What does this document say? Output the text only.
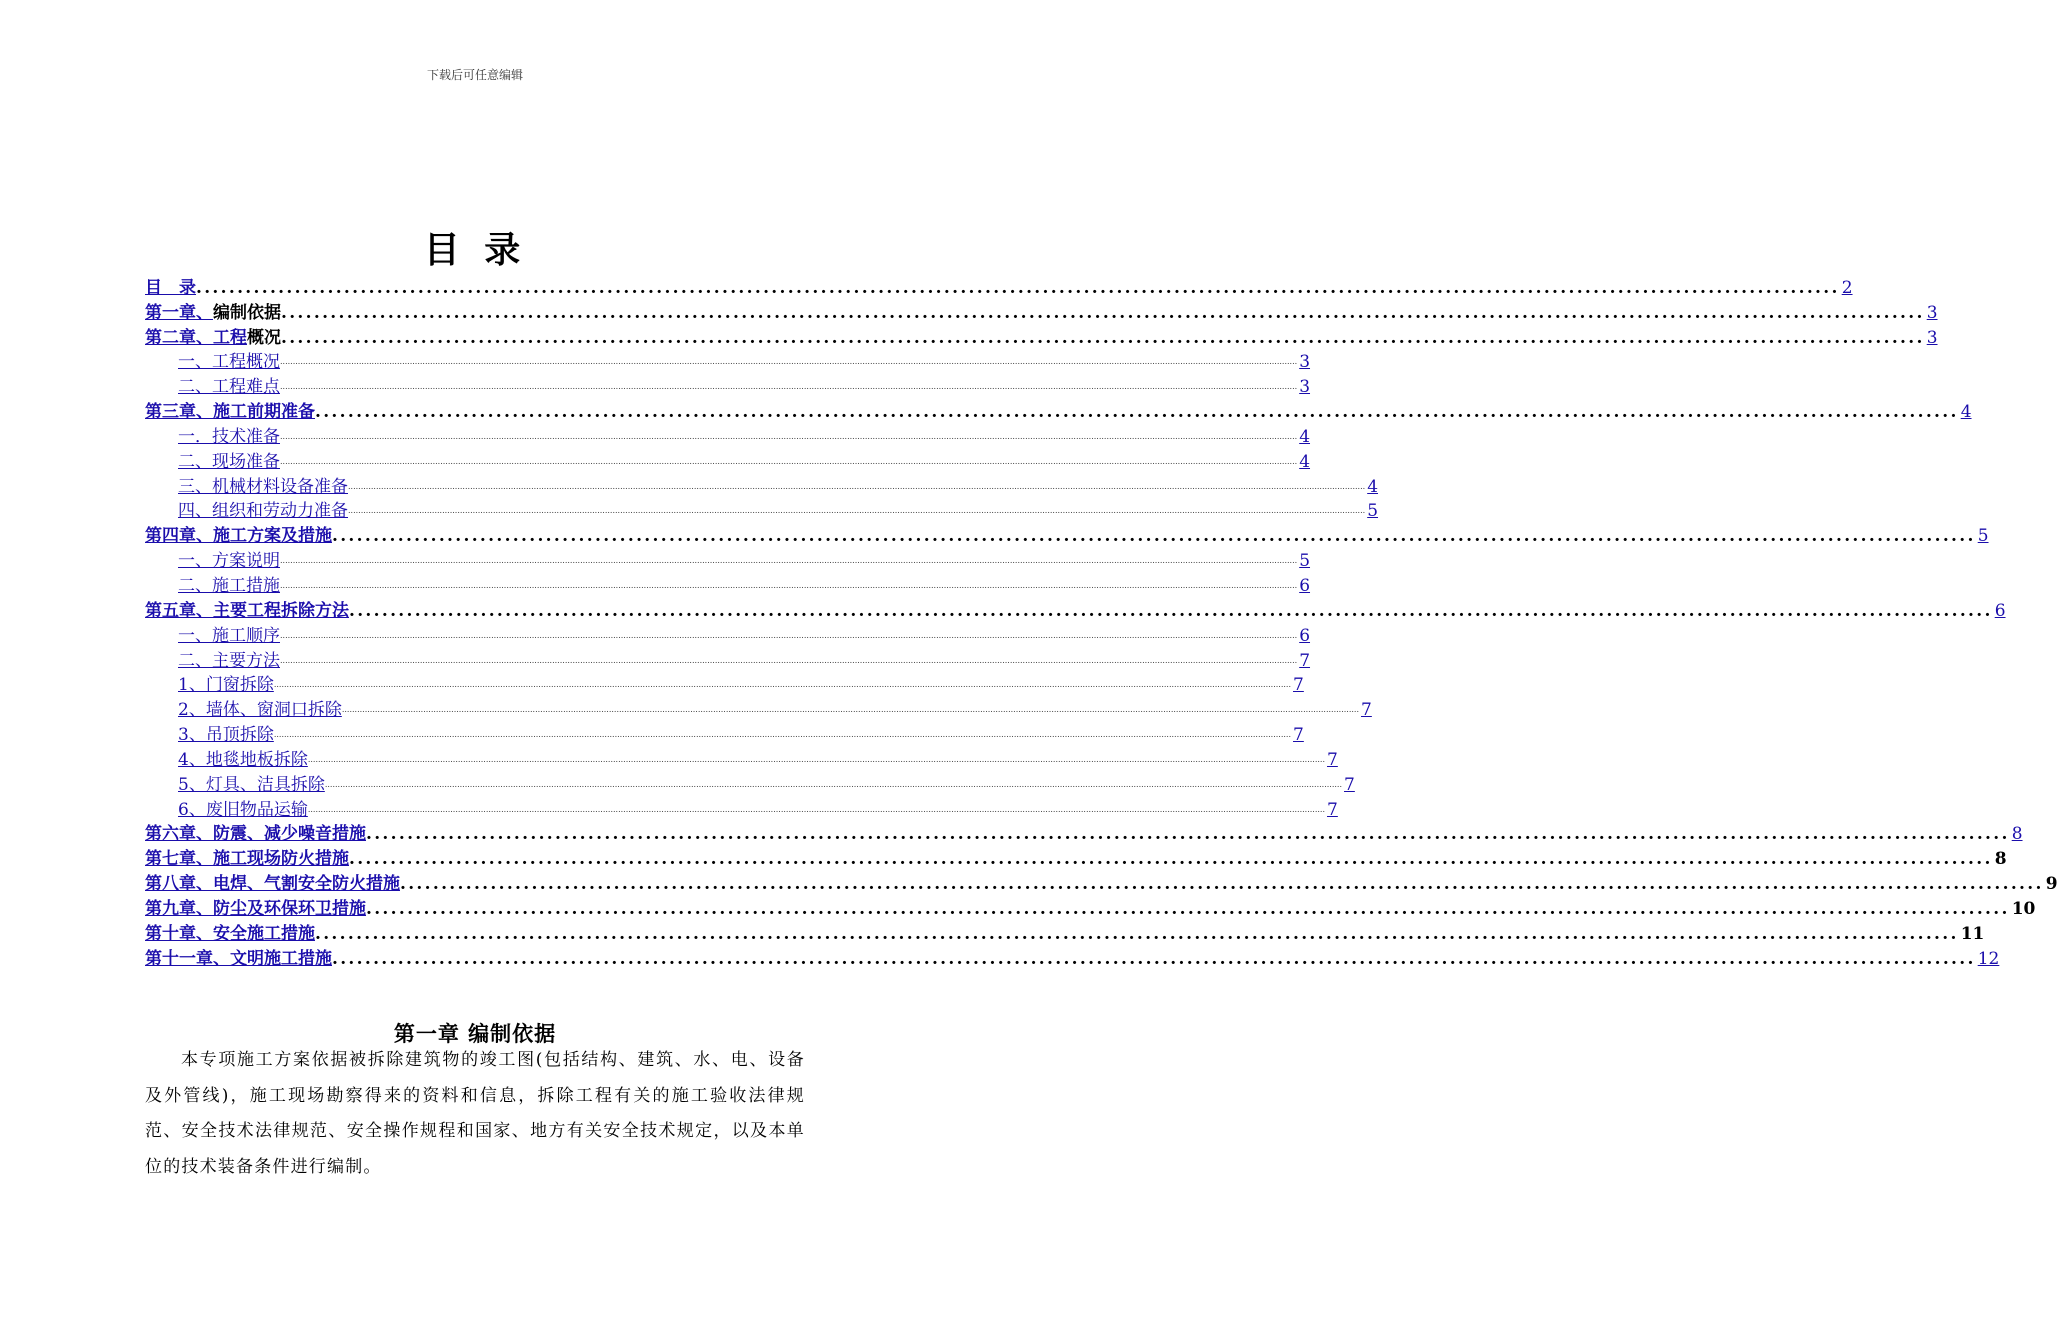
下载后可任意编辑
目 录
目　录 ........................................................................................................................................................................................................ 2
第一章、编制依据 ........................................................................................................................................................................................................ 3
第二章、工程概况 ........................................................................................................................................................................................................ 3
一、工程概况 ................................................................................................................................................................................................................................................................................................................................................................................................................ 3
二、工程难点 ................................................................................................................................................................................................................................................................................................................................................................................................................ 3
第三章、施工前期准备 ........................................................................................................................................................................................................ 4
一．技术准备 ................................................................................................................................................................................................................................................................................................................................................................................................................ 4
二、现场准备 ................................................................................................................................................................................................................................................................................................................................................................................................................ 4
三、机械材料设备准备 ................................................................................................................................................................................................................................................................................................................................................................................................................ 4
四、组织和劳动力准备 ................................................................................................................................................................................................................................................................................................................................................................................................................ 5
第四章、施工方案及措施 ........................................................................................................................................................................................................ 5
一、方案说明 ................................................................................................................................................................................................................................................................................................................................................................................................................ 5
二、施工措施 ................................................................................................................................................................................................................................................................................................................................................................................................................ 6
第五章、主要工程拆除方法 ........................................................................................................................................................................................................ 6
一、施工顺序 ................................................................................................................................................................................................................................................................................................................................................................................................................ 6
二、主要方法 ................................................................................................................................................................................................................................................................................................................................................................................................................ 7
1、门窗拆除 ................................................................................................................................................................................................................................................................................................................................................................................................................ 7
2、墙体、窗洞口拆除 ................................................................................................................................................................................................................................................................................................................................................................................................................ 7
3、吊顶拆除 ................................................................................................................................................................................................................................................................................................................................................................................................................ 7
4、地毯地板拆除 ................................................................................................................................................................................................................................................................................................................................................................................................................ 7
5、灯具、洁具拆除 ................................................................................................................................................................................................................................................................................................................................................................................................................ 7
6、废旧物品运输 ................................................................................................................................................................................................................................................................................................................................................................................................................ 7
第六章、防震、减少噪音措施 ........................................................................................................................................................................................................ 8
第七章、施工现场防火措施 ........................................................................................................................................................................................................ 8
第八章、电焊、气割安全防火措施 ........................................................................................................................................................................................................ 9
第九章、防尘及环保环卫措施 ........................................................................................................................................................................................................ 10
第十章、安全施工措施 ........................................................................................................................................................................................................ 11
第十一章、文明施工措施 ........................................................................................................................................................................................................ 12
第一章 编制依据
本专项施工方案依据被拆除建筑物的竣工图(包括结构、建筑、水、电、设备及外管线)，施工现场勘察得来的资料和信息，拆除工程有关的施工验收法律规范、安全技术法律规范、安全操作规程和国家、地方有关安全技术规定，以及本单位的技术装备条件进行编制。
